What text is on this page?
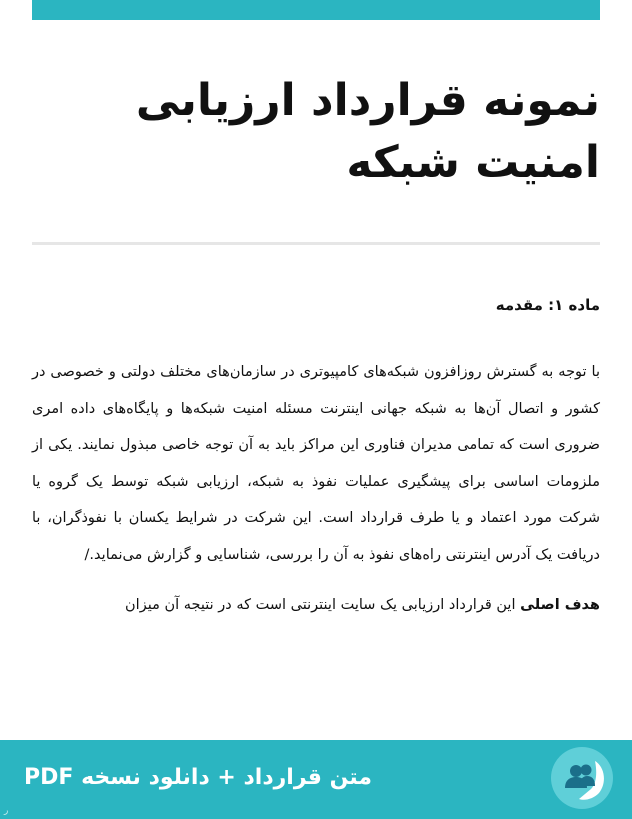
نمونه قرارداد ارزیابی امنیت شبکه

ماده ۱: مقدمه

با توجه به گسترش روزافزون شبکه‌های کامپیوتری در سازمان‌های مختلف دولتی و خصوصی در کشور و اتصال آن‌ها به شبکه جهانی اینترنت مسئله امنیت شبکه‌ها و پایگاه‌های داده امری ضروری است که تمامی مدیران فناوری این مراکز باید به آن توجه خاصی مبذول نمایند. یکی از ملزومات اساسی برای پیشگیری عملیات نفوذ به شبکه، ارزیابی شبکه توسط یک گروه یا شرکت مورد اعتماد و یا طرف قرارداد است. این شرکت در شرایط یکسان با نفوذگران، با دریافت یک آدرس اینترنتی راه‌های نفوذ به آن را بررسی، شناسایی و گزارش می‌نماید./

هدف اصلی این قرارداد ارزیابی یک سایت اینترنتی است که در نتیجه آن میزان

متن قرارداد + دانلود نسخه PDF
ر
